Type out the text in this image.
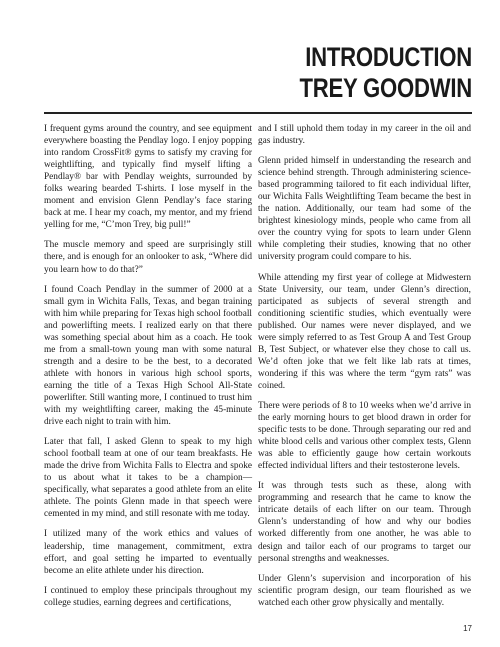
INTRODUCTION
TREY GOODWIN

I frequent gyms around the country, and see equipment everywhere boasting the Pendlay logo. I enjoy popping into random CrossFit® gyms to satisfy my craving for weightlifting, and typically find myself lifting a Pendlay® bar with Pendlay weights, surrounded by folks wearing bearded T-shirts. I lose myself in the moment and envision Glenn Pendlay’s face staring back at me. I hear my coach, my mentor, and my friend yelling for me, “C’mon Trey, big pull!”

The muscle memory and speed are surprisingly still there, and is enough for an onlooker to ask, “Where did you learn how to do that?”

I found Coach Pendlay in the summer of 2000 at a small gym in Wichita Falls, Texas, and began training with him while preparing for Texas high school football and powerlifting meets. I realized early on that there was something special about him as a coach. He took me from a small-town young man with some natural strength and a desire to be the best, to a decorated athlete with honors in various high school sports, earning the title of a Texas High School All-State powerlifter. Still wanting more, I continued to trust him with my weightlifting career, making the 45-minute drive each night to train with him.

Later that fall, I asked Glenn to speak to my high school football team at one of our team breakfasts. He made the drive from Wichita Falls to Electra and spoke to us about what it takes to be a champion—specifically, what separates a good athlete from an elite athlete. The points Glenn made in that speech were cemented in my mind, and still resonate with me today.

I utilized many of the work ethics and values of leadership, time management, commitment, extra effort, and goal setting he imparted to eventually become an elite athlete under his direction.

I continued to employ these principals throughout my college studies, earning degrees and certifications,

and I still uphold them today in my career in the oil and gas industry.

Glenn prided himself in understanding the research and science behind strength. Through administering science-based programming tailored to fit each individual lifter, our Wichita Falls Weightlifting Team became the best in the nation. Additionally, our team had some of the brightest kinesiology minds, people who came from all over the country vying for spots to learn under Glenn while completing their studies, knowing that no other university program could compare to his.

While attending my first year of college at Midwestern State University, our team, under Glenn’s direction, participated as subjects of several strength and conditioning scientific studies, which eventually were published. Our names were never displayed, and we were simply referred to as Test Group A and Test Group B, Test Subject, or whatever else they chose to call us. We’d often joke that we felt like lab rats at times, wondering if this was where the term “gym rats” was coined.

There were periods of 8 to 10 weeks when we’d arrive in the early morning hours to get blood drawn in order for specific tests to be done. Through separating our red and white blood cells and various other complex tests, Glenn was able to efficiently gauge how certain workouts effected individual lifters and their testosterone levels.

It was through tests such as these, along with programming and research that he came to know the intricate details of each lifter on our team. Through Glenn’s understanding of how and why our bodies worked differently from one another, he was able to design and tailor each of our programs to target our personal strengths and weaknesses.

Under Glenn’s supervision and incorporation of his scientific program design, our team flourished as we watched each other grow physically and mentally.

17
